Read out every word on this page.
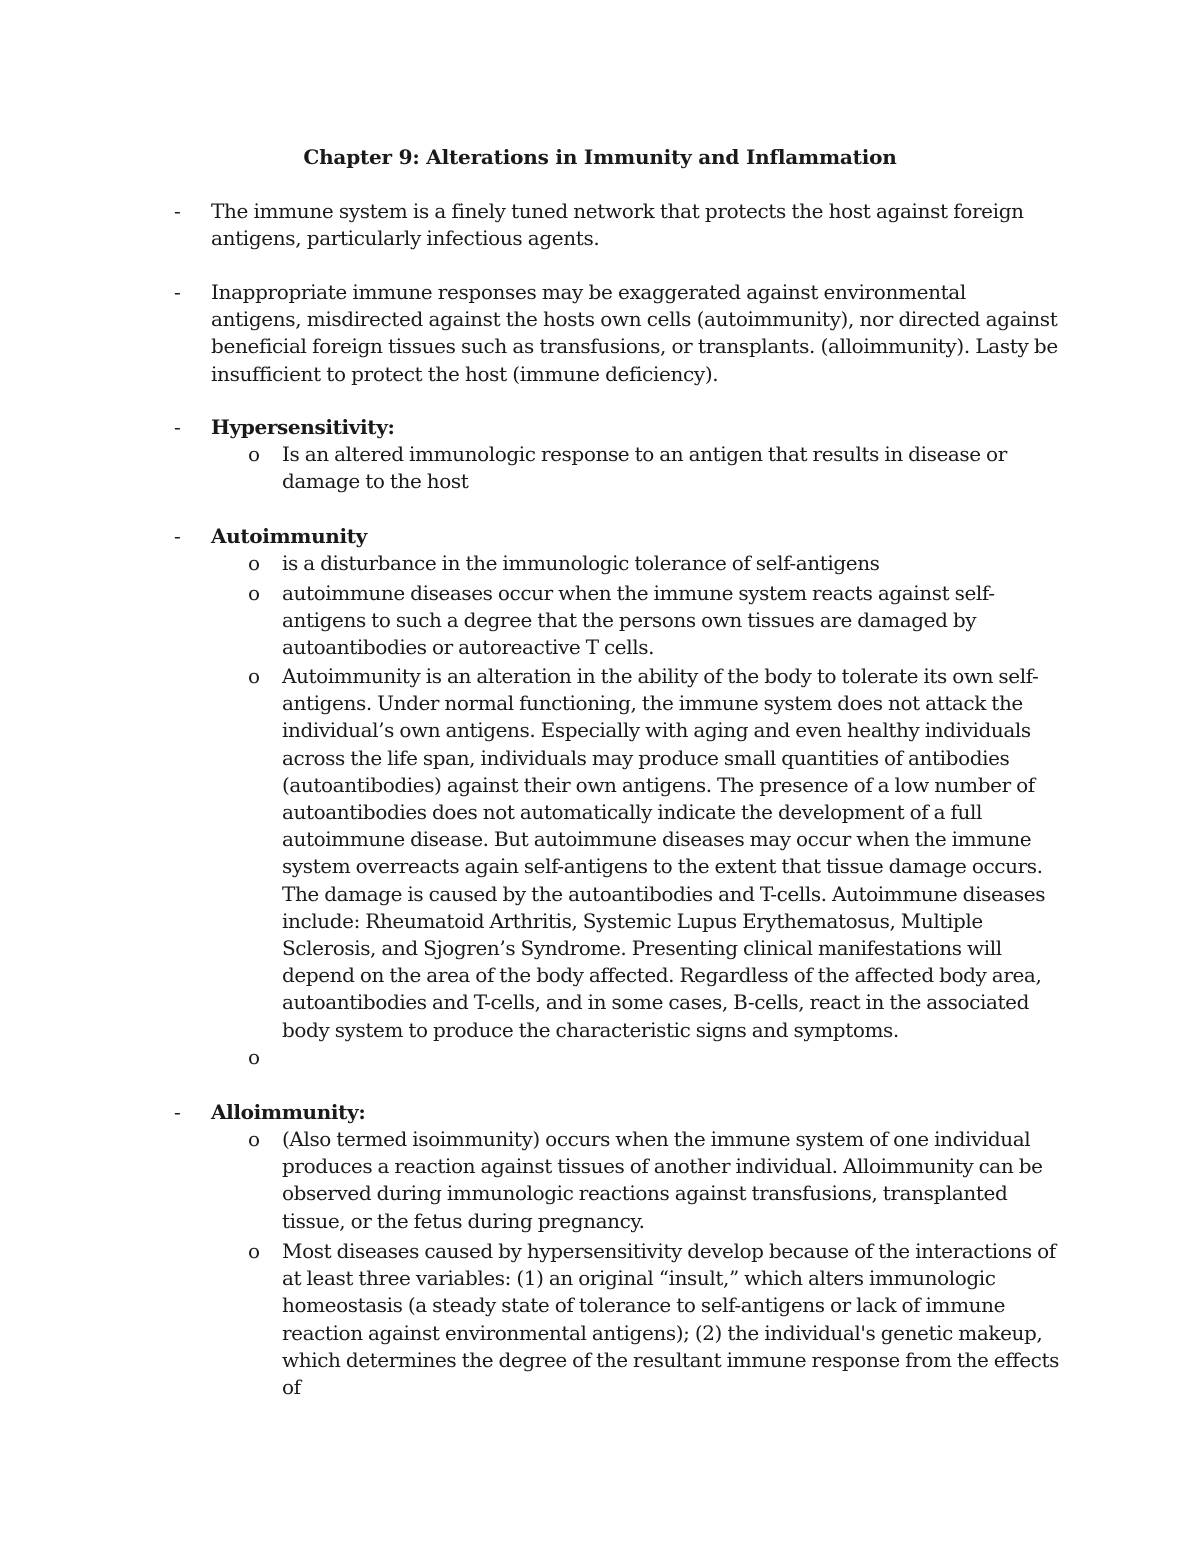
Chapter 9: Alterations in Immunity and Inflammation
- The immune system is a finely tuned network that protects the host against foreign antigens, particularly infectious agents.
- Inappropriate immune responses may be exaggerated against environmental antigens, misdirected against the hosts own cells (autoimmunity), nor directed against beneficial foreign tissues such as transfusions, or transplants. (alloimmunity). Lasty be insufficient to protect the host (immune deficiency).
- Hypersensitivity:
o Is an altered immunologic response to an antigen that results in disease or damage to the host
- Autoimmunity
o is a disturbance in the immunologic tolerance of self-antigens
o autoimmune diseases occur when the immune system reacts against self-antigens to such a degree that the persons own tissues are damaged by autoantibodies or autoreactive T cells.
o Autoimmunity is an alteration in the ability of the body to tolerate its own self-antigens. Under normal functioning, the immune system does not attack the individual’s own antigens. Especially with aging and even healthy individuals across the life span, individuals may produce small quantities of antibodies (autoantibodies) against their own antigens. The presence of a low number of autoantibodies does not automatically indicate the development of a full autoimmune disease. But autoimmune diseases may occur when the immune system overreacts again self-antigens to the extent that tissue damage occurs. The damage is caused by the autoantibodies and T-cells. Autoimmune diseases include: Rheumatoid Arthritis, Systemic Lupus Erythematosus, Multiple Sclerosis, and Sjogren’s Syndrome. Presenting clinical manifestations will depend on the area of the body affected. Regardless of the affected body area, autoantibodies and T-cells, and in some cases, B-cells, react in the associated body system to produce the characteristic signs and symptoms.
o
- Alloimmunity:
o (Also termed isoimmunity) occurs when the immune system of one individual produces a reaction against tissues of another individual. Alloimmunity can be observed during immunologic reactions against transfusions, transplanted tissue, or the fetus during pregnancy.
o Most diseases caused by hypersensitivity develop because of the interactions of at least three variables: (1) an original “insult,” which alters immunologic homeostasis (a steady state of tolerance to self-antigens or lack of immune reaction against environmental antigens); (2) the individual's genetic makeup, which determines the degree of the resultant immune response from the effects of
